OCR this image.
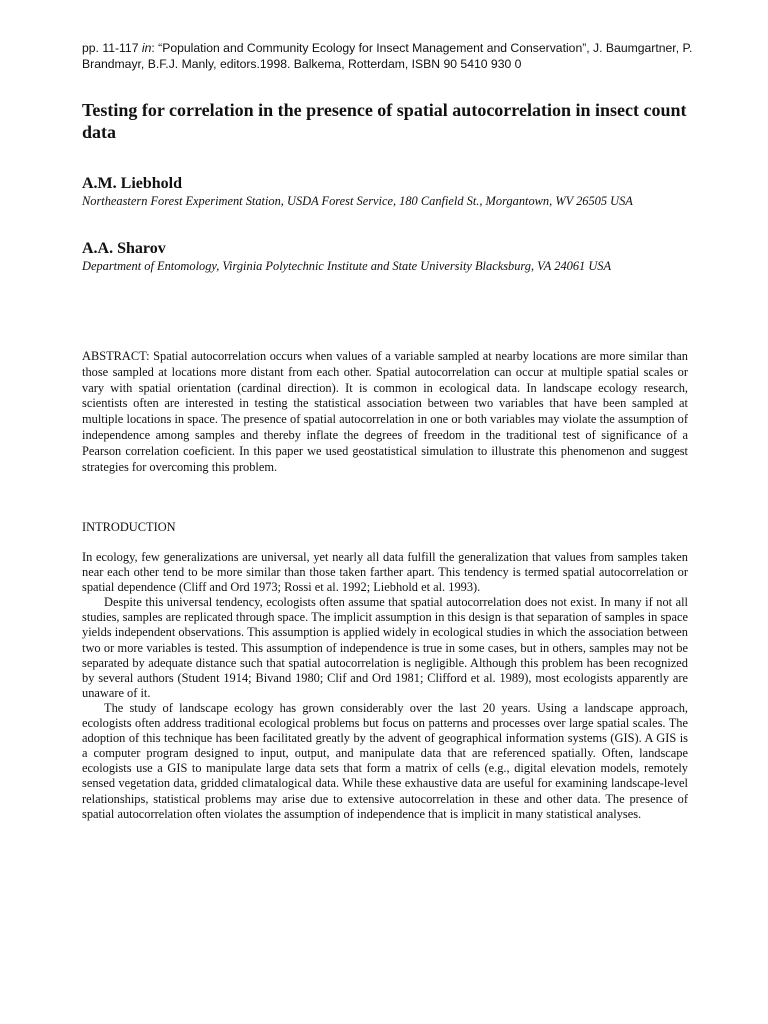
pp. 11-117 in: “Population and Community Ecology for Insect Management and Conservation”, J. Baumgartner, P. Brandmayr, B.F.J. Manly, editors.1998. Balkema, Rotterdam, ISBN 90 5410 930 0
Testing for correlation in the presence of spatial autocorrelation in insect count data
A.M. Liebhold

Northeastern Forest Experiment Station, USDA Forest Service, 180 Canfield St., Morgantown, WV 26505 USA

A.A. Sharov

Department of Entomology, Virginia Polytechnic Institute and State University Blacksburg, VA 24061 USA

ABSTRACT: Spatial autocorrelation occurs when values of a variable sampled at nearby locations are more similar than those sampled at locations more distant from each other. Spatial autocorrelation can occur at multiple spatial scales or vary with spatial orientation (cardinal direction). It is common in ecological data. In landscape ecology research, scientists often are interested in testing the statistical association between two variables that have been sampled at multiple locations in space. The presence of spatial autocorrelation in one or both variables may violate the assumption of independence among samples and thereby inflate the degrees of freedom in the traditional test of significance of a Pearson correlation coeficient. In this paper we used geostatistical simulation to illustrate this phenomenon and suggest strategies for overcoming this problem.

INTRODUCTION

In ecology, few generalizations are universal, yet nearly all data fulfill the generalization that values from samples taken near each other tend to be more similar than those taken farther apart. This tendency is termed spatial autocorrelation or spatial dependence (Cliff and Ord 1973; Rossi et al. 1992; Liebhold et al. 1993).

Despite this universal tendency, ecologists often assume that spatial autocorrelation does not exist. In many if not all studies, samples are replicated through space. The implicit assumption in this design is that separation of samples in space yields independent observations. This assumption is applied widely in ecological studies in which the association between two or more variables is tested. This assumption of independence is true in some cases, but in others, samples may not be separated by adequate distance such that spatial autocorrelation is negligible. Although this problem has been recognized by several authors (Student 1914; Bivand 1980; Clif and Ord 1981; Clifford et al. 1989), most ecologists apparently are unaware of it.

The study of landscape ecology has grown considerably over the last 20 years. Using a landscape approach, ecologists often address traditional ecological problems but focus on patterns and processes over large spatial scales. The adoption of this technique has been facilitated greatly by the advent of geographical information systems (GIS). A GIS is a computer program designed to input, output, and manipulate data that are referenced spatially. Often, landscape ecologists use a GIS to manipulate large data sets that form a matrix of cells (e.g., digital elevation models, remotely sensed vegetation data, gridded climatalogical data. While these exhaustive data are useful for examining landscape-level relationships, statistical problems may arise due to extensive autocorrelation in these and other data. The presence of spatial autocorrelation often violates the assumption of independence that is implicit in many statistical analyses.
